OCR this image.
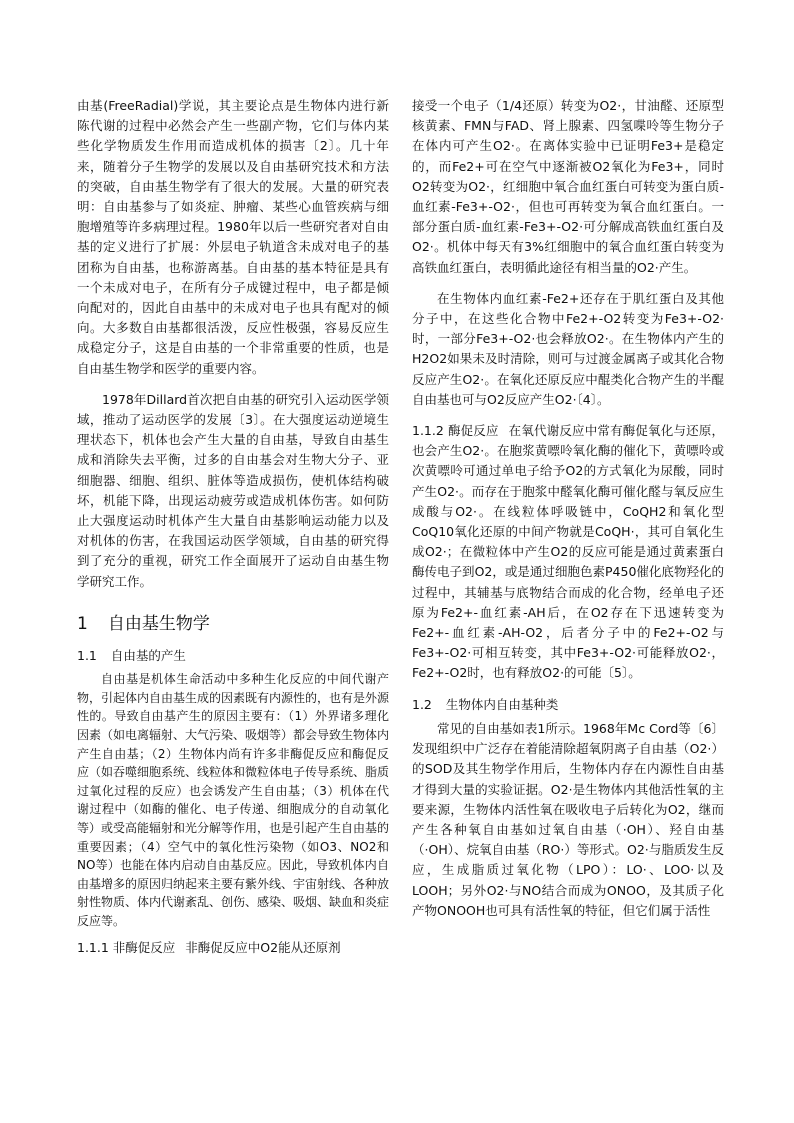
由基(FreeRadial)学说，其主要论点是生物体内进行新陈代谢的过程中必然会产生一些副产物，它们与体内某些化学物质发生作用而造成机体的损害〔2〕。几十年来，随着分子生物学的发展以及自由基研究技术和方法的突破，自由基生物学有了很大的发展。大量的研究表明：自由基参与了如炎症、肿瘤、某些心血管疾病与细胞增殖等许多病理过程。1980年以后一些研究者对自由基的定义进行了扩展：外层电子轨道含未成对电子的基团称为自由基，也称游离基。自由基的基本特征是具有一个未成对电子，在所有分子成键过程中，电子都是倾向配对的，因此自由基中的未成对电子也具有配对的倾向。大多数自由基都很活泼，反应性极强，容易反应生成稳定分子，这是自由基的一个非常重要的性质，也是自由基生物学和医学的重要内容。

1978年Dillard首次把自由基的研究引入运动医学领域，推动了运动医学的发展〔3〕。在大强度运动逆境生理状态下，机体也会产生大量的自由基，导致自由基生成和消除失去平衡，过多的自由基会对生物大分子、亚细胞器、细胞、组织、脏体等造成损伤，使机体结构破坏，机能下降，出现运动疲劳或造成机体伤害。如何防止大强度运动时机体产生大量自由基影响运动能力以及对机体的伤害，在我国运动医学领域，自由基的研究得到了充分的重视，研究工作全面展开了运动自由基生物学研究工作。

1 自由基生物学
1.1 自由基的产生

自由基是机体生命活动中多种生化反应的中间代谢产物，引起体内自由基生成的因素既有内源性的，也有是外源性的。导致自由基产生的原因主要有：（1）外界诸多理化因素（如电离辐射、大气污染、吸烟等）都会导致生物体内产生自由基；（2）生物体内尚有许多非酶促反应和酶促反应（如吞噬细胞系统、线粒体和微粒体电子传导系统、脂质过氧化过程的反应）也会诱发产生自由基；（3）机体在代谢过程中（如酶的催化、电子传递、细胞成分的自动氧化等）或受高能辐射和光分解等作用，也是引起产生自由基的重要因素；（4）空气中的氧化性污染物（如O3、NO2和NO等）也能在体内启动自由基反应。因此，导致机体内自由基增多的原因归纳起来主要有紫外线、宇宙射线、各种放射性物质、体内代谢紊乱、创伤、感染、吸烟、缺血和炎症反应等。

1.1.1 非酶促反应 非酶促反应中O2能从还原剂

接受一个电子（1/4还原）转变为O2·，甘油醛、还原型核黄素、FMN与FAD、肾上腺素、四氢喋呤等生物分子在体内可产生O2·。在离体实验中已证明Fe3+是稳定的，而Fe2+可在空气中逐渐被O2氧化为Fe3+，同时O2转变为O2·，红细胞中氧合血红蛋白可转变为蛋白质-血红素-Fe3+-O2·，但也可再转变为氧合血红蛋白。一部分蛋白质-血红素-Fe3+-O2·可分解成高铁血红蛋白及O2·。机体中每天有3%红细胞中的氧合血红蛋白转变为高铁血红蛋白，表明循此途径有相当量的O2·产生。

在生物体内血红素-Fe2+还存在于肌红蛋白及其他分子中，在这些化合物中Fe2+-O2转变为Fe3+-O2·时，一部分Fe3+-O2·也会释放O2·。在生物体内产生的H2O2如果未及时清除，则可与过渡金属离子或其化合物反应产生O2·。在氧化还原反应中醌类化合物产生的半醌自由基也可与O2反应产生O2·〔4〕。

1.1.2 酶促反应 在氧代谢反应中常有酶促氧化与还原，也会产生O2·。在胞浆黄嘌呤氧化酶的催化下，黄嘌呤或次黄嘌呤可通过单电子给予O2的方式氧化为尿酸，同时产生O2·。而存在于胞浆中醛氧化酶可催化醛与氧反应生成酸与O2·。在线粒体呼吸链中，CoQH2和氧化型CoQ10氧化还原的中间产物就是CoQH·，其可自氧化生成O2·；在微粒体中产生O2的反应可能是通过黄素蛋白酶传电子到O2，或是通过细胞色素P450催化底物羟化的过程中，其辅基与底物结合而成的化合物，经单电子还原为Fe2+-血红素-AH后，在O2存在下迅速转变为Fe2+-血红素-AH-O2，后者分子中的Fe2+-O2与Fe3+-O2·可相互转变，其中Fe3+-O2·可能释放O2·，Fe2+-O2时，也有释放O2·的可能〔5〕。

1.2 生物体内自由基种类

常见的自由基如表1所示。1968年Mc Cord等〔6〕发现组织中广泛存在着能清除超氧阴离子自由基（O2·）的SOD及其生物学作用后，生物体内存在内源性自由基才得到大量的实验证据。O2·是生物体内其他活性氧的主要来源，生物体内活性氧在吸收电子后转化为O2，继而产生各种氧自由基如过氧自由基（·OH）、羟自由基（·OH）、烷氧自由基（RO·）等形式。O2·与脂质发生反应，生成脂质过氧化物（LPO）：LO·、LOO·以及LOOH；另外O2·与NO结合而成为ONOO，及其质子化产物ONOOH也可具有活性氧的特征，但它们属于活性
